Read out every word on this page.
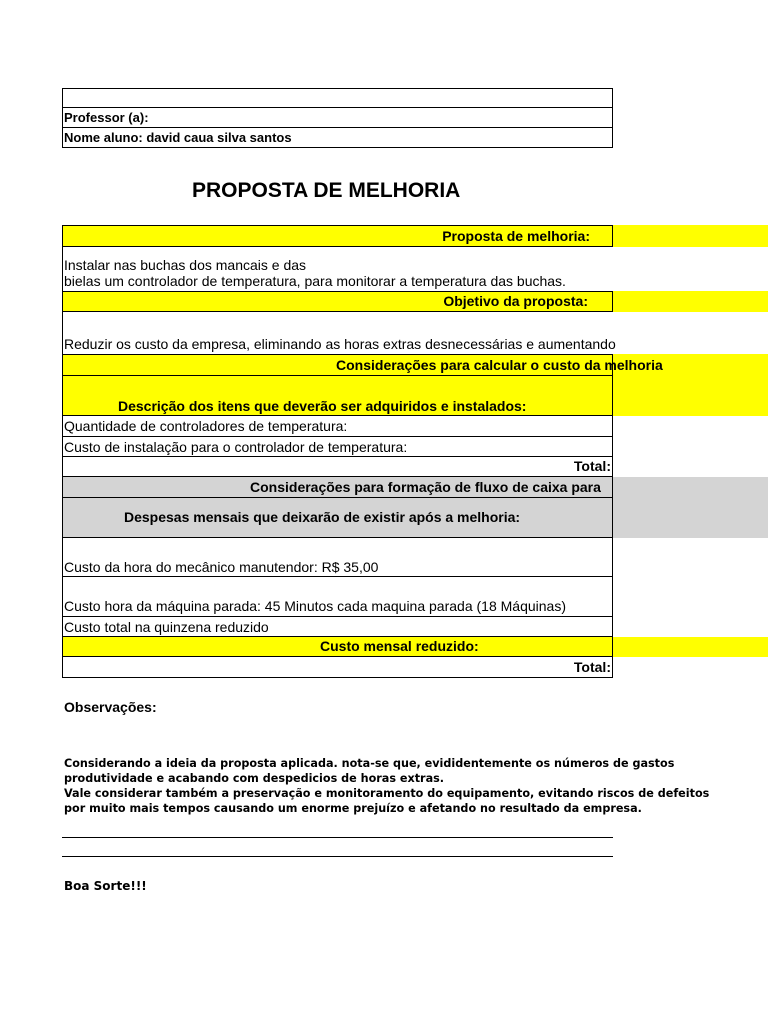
Professor (a):
Nome aluno: david caua silva santos
PROPOSTA DE MELHORIA
Proposta de melhoria:
Instalar nas buchas dos mancais e das
bielas um controlador de temperatura, para monitorar a temperatura das buchas.
Objetivo da proposta:
Reduzir os custo da empresa, eliminando as horas extras desnecessárias e aumentando
Considerações para calcular o custo da melhoria
Descrição dos itens que deverão ser adquiridos e instalados:
Quantidade de controladores de temperatura:
Custo de instalação para o controlador de temperatura:
Total:
Considerações para formação de fluxo de caixa para
Despesas mensais que deixarão de existir após a melhoria:
Custo da hora do mecânico manutendor: R$ 35,00
Custo hora da máquina parada: 45 Minutos cada maquina parada (18 Máquinas)
Custo total na quinzena reduzido
Custo mensal reduzido:
Total:
Observações:
Considerando a ideia da proposta aplicada. nota-se que, evididentemente os números de gastos
produtividade e acabando com despedicios de horas extras.
Vale considerar também a preservação e monitoramento do equipamento, evitando riscos de defeitos
por muito mais tempos causando um enorme prejuízo e afetando no resultado da empresa.
Boa Sorte!!!
